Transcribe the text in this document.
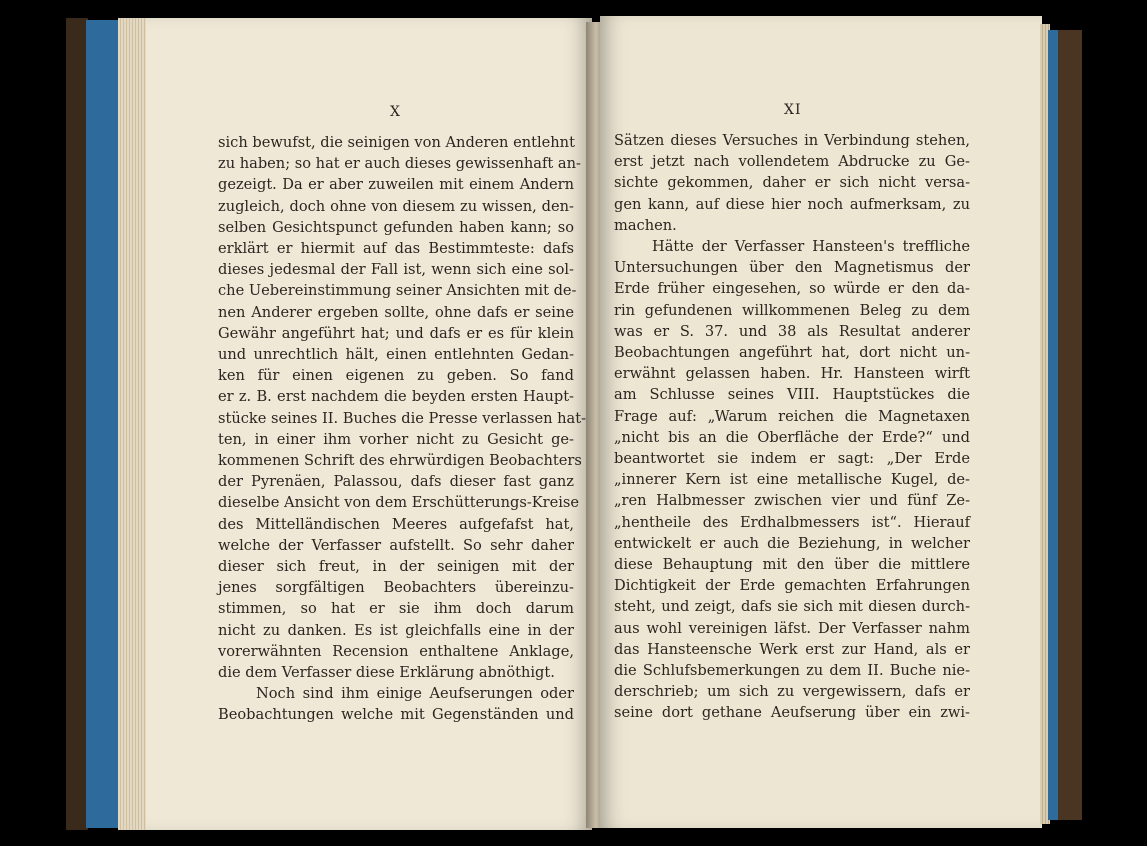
X
sich bewufst, die seinigen von Anderen entlehnt
zu haben; so hat er auch dieses gewissenhaft an-
gezeigt. Da er aber zuweilen mit einem Andern
zugleich, doch ohne von diesem zu wissen, den-
selben Gesichtspunct gefunden haben kann; so
erklärt er hiermit auf das Bestimmteste: dafs
dieses jedesmal der Fall ist, wenn sich eine sol-
che Uebereinstimmung seiner Ansichten mit de-
nen Anderer ergeben sollte, ohne dafs er seine
Gewähr angeführt hat; und dafs er es für klein
und unrechtlich hält, einen entlehnten Gedan-
ken für einen eigenen zu geben. So fand
er z. B. erst nachdem die beyden ersten Haupt-
stücke seines II. Buches die Presse verlassen hat-
ten, in einer ihm vorher nicht zu Gesicht ge-
kommenen Schrift des ehrwürdigen Beobachters
der Pyrenäen, Palassou, dafs dieser fast ganz
dieselbe Ansicht von dem Erschütterungs-Kreise
des Mittelländischen Meeres aufgefafst hat,
welche der Verfasser aufstellt. So sehr daher
dieser sich freut, in der seinigen mit der
jenes sorgfältigen Beobachters übereinzu-
stimmen, so hat er sie ihm doch darum
nicht zu danken. Es ist gleichfalls eine in der
vorerwähnten Recension enthaltene Anklage,
die dem Verfasser diese Erklärung abnöthigt.
Noch sind ihm einige Aeufserungen oder
Beobachtungen welche mit Gegenständen und
XI
Sätzen dieses Versuches in Verbindung stehen,
erst jetzt nach vollendetem Abdrucke zu Ge-
sichte gekommen, daher er sich nicht versa-
gen kann, auf diese hier noch aufmerksam, zu
machen.
Hätte der Verfasser Hansteen's treffliche
Untersuchungen über den Magnetismus der
Erde früher eingesehen, so würde er den da-
rin gefundenen willkommenen Beleg zu dem
was er S. 37. und 38 als Resultat anderer
Beobachtungen angeführt hat, dort nicht un-
erwähnt gelassen haben. Hr. Hansteen wirft
am Schlusse seines VIII. Hauptstückes die
Frage auf: „Warum reichen die Magnetaxen
„nicht bis an die Oberfläche der Erde?“ und
beantwortet sie indem er sagt: „Der Erde
„innerer Kern ist eine metallische Kugel, de-
„ren Halbmesser zwischen vier und fünf Ze-
„hentheile des Erdhalbmessers ist“. Hierauf
entwickelt er auch die Beziehung, in welcher
diese Behauptung mit den über die mittlere
Dichtigkeit der Erde gemachten Erfahrungen
steht, und zeigt, dafs sie sich mit diesen durch-
aus wohl vereinigen läfst. Der Verfasser nahm
das Hansteensche Werk erst zur Hand, als er
die Schlufsbemerkungen zu dem II. Buche nie-
derschrieb; um sich zu vergewissern, dafs er
seine dort gethane Aeufserung über ein zwi-
